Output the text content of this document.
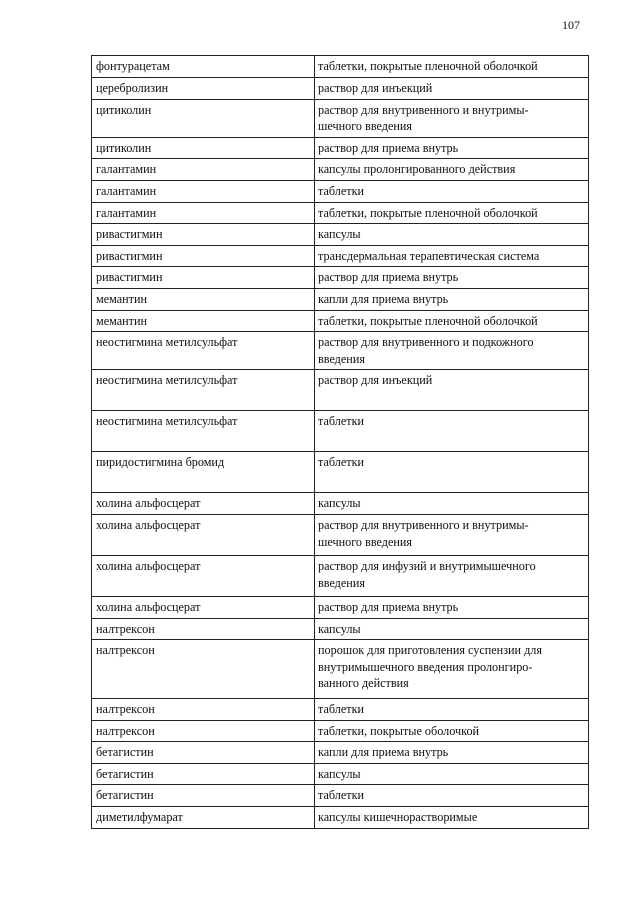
107
фонтурацетам	таблетки, покрытые пленочной оболочкой
церебролизин	раствор для инъекций
цитиколин	раствор для внутривенного и внутримы-
шечного введения
цитиколин	раствор для приема внутрь
галантамин	капсулы пролонгированного действия
галантамин	таблетки
галантамин	таблетки, покрытые пленочной оболочкой
ривастигмин	капсулы
ривастигмин	трансдермальная терапевтическая система
ривастигмин	раствор для приема внутрь
мемантин	капли для приема внутрь
мемантин	таблетки, покрытые пленочной оболочкой
неостигмина метилсульфат	раствор для внутривенного и подкожного
введения
неостигмина метилсульфат	раствор для инъекций
неостигмина метилсульфат	таблетки
пиридостигмина бромид	таблетки
холина альфосцерат	капсулы
холина альфосцерат	раствор для внутривенного и внутримы-
шечного введения
холина альфосцерат	раствор для инфузий и внутримышечного
введения
холина альфосцерат	раствор для приема внутрь
налтрексон	капсулы
налтрексон	порошок для приготовления суспензии для
внутримышечного введения пролонгиро-
ванного действия
налтрексон	таблетки
налтрексон	таблетки, покрытые оболочкой
бетагистин	капли для приема внутрь
бетагистин	капсулы
бетагистин	таблетки
диметилфумарат	капсулы кишечнорастворимые
